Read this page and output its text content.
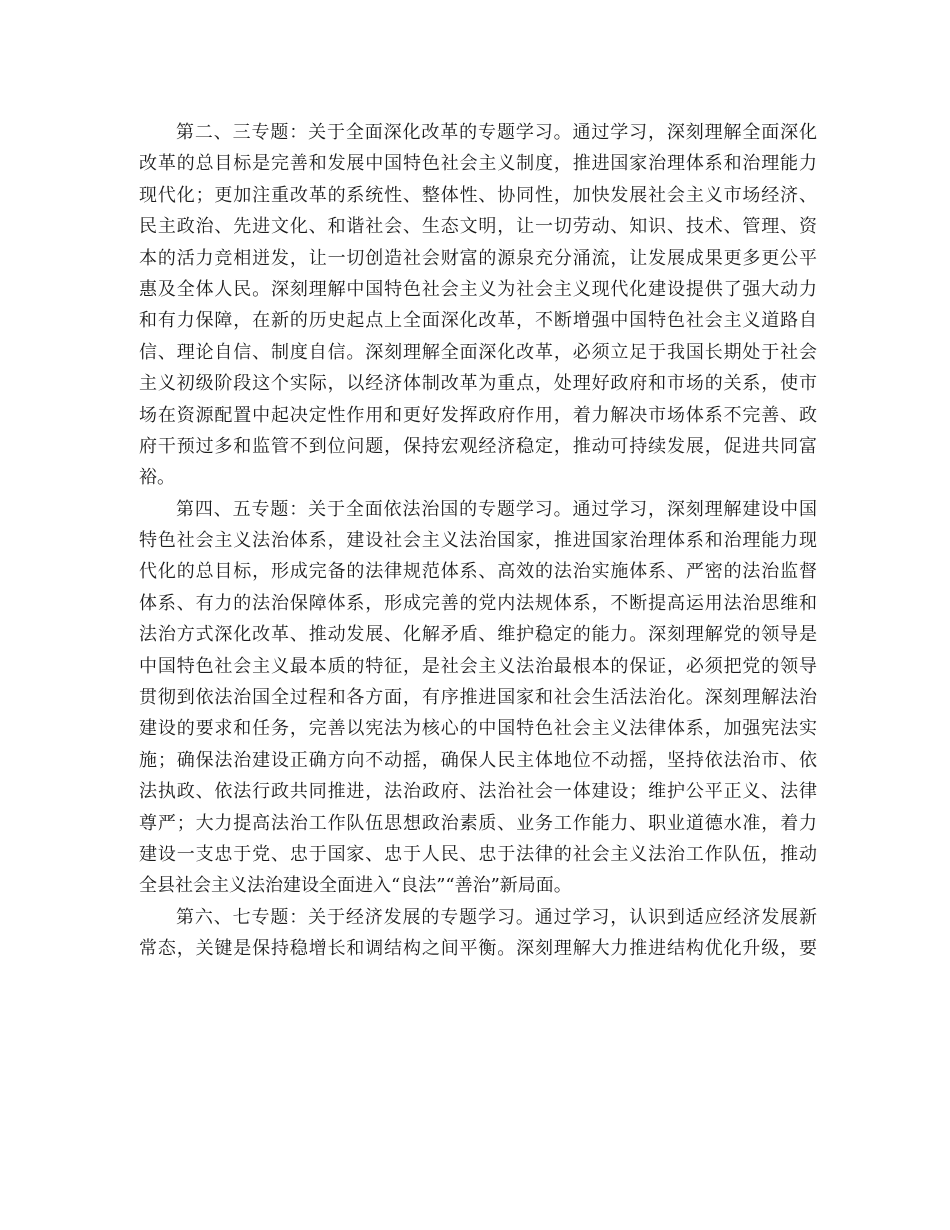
第二、三专题：关于全面深化改革的专题学习。通过学习，深刻理解全面深化
改革的总目标是完善和发展中国特色社会主义制度，推进国家治理体系和治理能力
现代化；更加注重改革的系统性、整体性、协同性，加快发展社会主义市场经济、
民主政治、先进文化、和谐社会、生态文明，让一切劳动、知识、技术、管理、资
本的活力竞相迸发，让一切创造社会财富的源泉充分涌流，让发展成果更多更公平
惠及全体人民。深刻理解中国特色社会主义为社会主义现代化建设提供了强大动力
和有力保障，在新的历史起点上全面深化改革，不断增强中国特色社会主义道路自
信、理论自信、制度自信。深刻理解全面深化改革，必须立足于我国长期处于社会
主义初级阶段这个实际，以经济体制改革为重点，处理好政府和市场的关系，使市
场在资源配置中起决定性作用和更好发挥政府作用，着力解决市场体系不完善、政
府干预过多和监管不到位问题，保持宏观经济稳定，推动可持续发展，促进共同富
裕。
第四、五专题：关于全面依法治国的专题学习。通过学习，深刻理解建设中国
特色社会主义法治体系，建设社会主义法治国家，推进国家治理体系和治理能力现
代化的总目标，形成完备的法律规范体系、高效的法治实施体系、严密的法治监督
体系、有力的法治保障体系，形成完善的党内法规体系，不断提高运用法治思维和
法治方式深化改革、推动发展、化解矛盾、维护稳定的能力。深刻理解党的领导是
中国特色社会主义最本质的特征，是社会主义法治最根本的保证，必须把党的领导
贯彻到依法治国全过程和各方面，有序推进国家和社会生活法治化。深刻理解法治
建设的要求和任务，完善以宪法为核心的中国特色社会主义法律体系，加强宪法实
施；确保法治建设正确方向不动摇，确保人民主体地位不动摇，坚持依法治市、依
法执政、依法行政共同推进，法治政府、法治社会一体建设；维护公平正义、法律
尊严；大力提高法治工作队伍思想政治素质、业务工作能力、职业道德水准，着力
建设一支忠于党、忠于国家、忠于人民、忠于法律的社会主义法治工作队伍，推动
全县社会主义法治建设全面进入“良法”“善治”新局面。
第六、七专题：关于经济发展的专题学习。通过学习，认识到适应经济发展新
常态，关键是保持稳增长和调结构之间平衡。深刻理解大力推进结构优化升级，要
